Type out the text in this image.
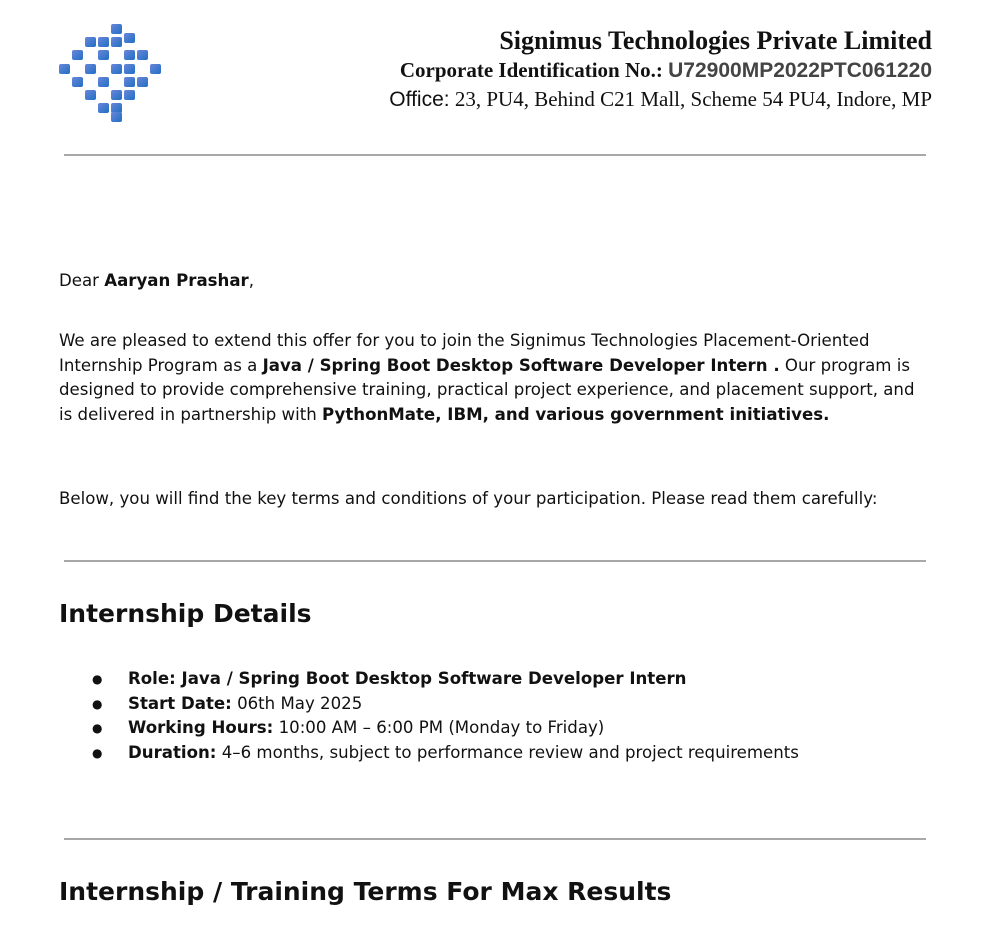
Signimus Technologies Private Limited
Corporate Identification No.: U72900MP2022PTC061220
Office: 23, PU4, Behind C21 Mall, Scheme 54 PU4, Indore, MP
Dear Aaryan Prashar,
We are pleased to extend this offer for you to join the Signimus Technologies Placement-Oriented Internship Program as a Java / Spring Boot Desktop Software Developer Intern . Our program is designed to provide comprehensive training, practical project experience, and placement support, and is delivered in partnership with PythonMate, IBM, and various government initiatives.
Below, you will find the key terms and conditions of your participation. Please read them carefully:
Internship Details
● Role: Java / Spring Boot Desktop Software Developer Intern
● Start Date: 06th May 2025
● Working Hours: 10:00 AM – 6:00 PM (Monday to Friday)
● Duration: 4–6 months, subject to performance review and project requirements
Internship / Training Terms For Max Results
